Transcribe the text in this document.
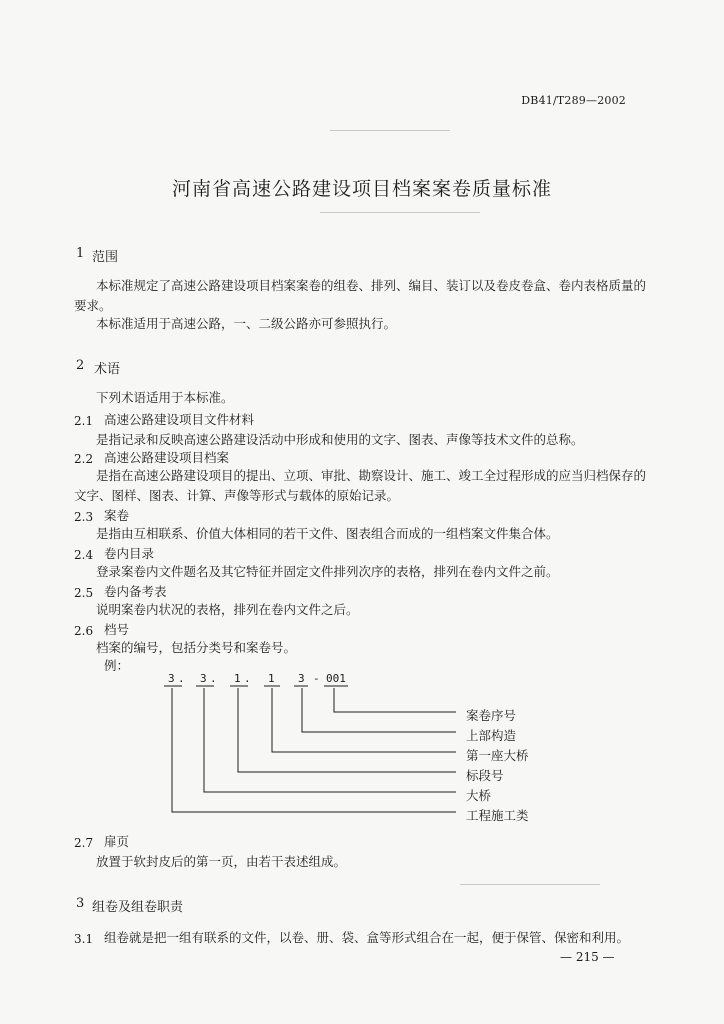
DB41/T289—2002
河南省高速公路建设项目档案案卷质量标准
1 范围
本标准规定了高速公路建设项目档案案卷的组卷、排列、编目、装订以及卷皮卷盒、卷内表格质量的
要求。
本标准适用于高速公路，一、二级公路亦可参照执行。
2 术语
下列术语适用于本标准。
2.1 高速公路建设项目文件材料
是指记录和反映高速公路建设活动中形成和使用的文字、图表、声像等技术文件的总称。
2.2 高速公路建设项目档案
是指在高速公路建设项目的提出、立项、审批、勘察设计、施工、竣工全过程形成的应当归档保存的
文字、图样、图表、计算、声像等形式与载体的原始记录。
2.3 案卷
是指由互相联系、价值大体相同的若干文件、图表组合而成的一组档案文件集合体。
2.4 卷内目录
登录案卷内文件题名及其它特征并固定文件排列次序的表格，排列在卷内文件之前。
2.5 卷内备考表
说明案卷内状况的表格，排列在卷内文件之后。
2.6 档号
档案的编号，包括分类号和案卷号。
例：
3 . 3 . 1 . 1 3 - 001
案卷序号
上部构造
第一座大桥
标段号
大桥
工程施工类
2.7 扉页
放置于软封皮后的第一页，由若干表述组成。
3 组卷及组卷职责
3.1 组卷就是把一组有联系的文件，以卷、册、袋、盒等形式组合在一起，便于保管、保密和利用。
— 215 —
